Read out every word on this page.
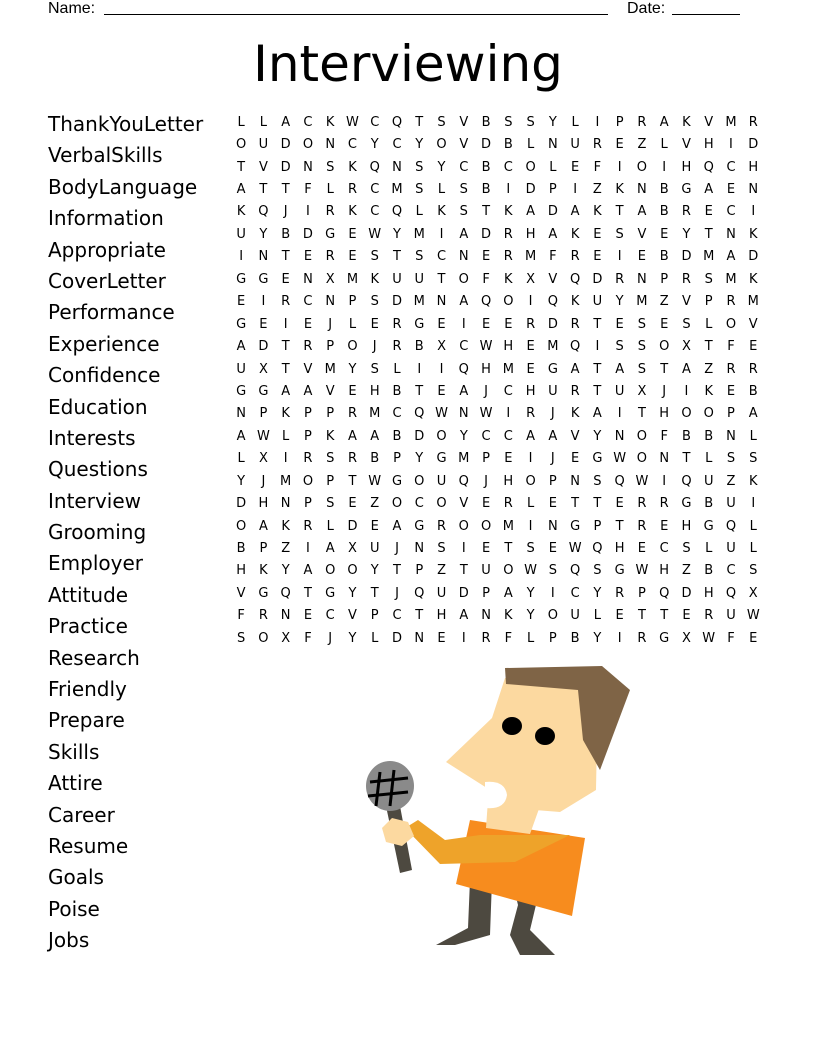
Name:	Date:
Interviewing
ThankYouLetter
VerbalSkills
BodyLanguage
Information
Appropriate
CoverLetter
Performance
Experience
Confidence
Education
Interests
Questions
Interview
Grooming
Employer
Attitude
Practice
Research
Friendly
Prepare
Skills
Attire
Career
Resume
Goals
Poise
Jobs
L	L	A	C	K W C Q	T	S	V	B	S	S	Y	L	I	P	R	A	K	V M R
O U D O N C	Y	C	Y	O V D B	L	N U R	E	Z	L	V H	I	D
T	V D N	S	K Q N	S	Y	C	B	C O	L	E	F	I	O	I	H Q C H
A	T	T	F	L	R	C M S	L	S	B	I	D	P	I	Z	K	N B G A	E	N
K Q	J	I	R	K	C Q	L	K	S	T	K	A D A	K	T	A	B	R	E	C	I
U	Y	B D G	E W Y M	I	A D R H A	K	E	S	V	E	Y	T	N	K
I	N	T	E	R	E	S	T	S	C N	E	R M F	R	E	I	E	B D M A D
G G	E	N X M K	U U	T	O	F	K	X	V Q D R N	P	R	S M K
E	I	R	C N	P	S	D M N A Q O	I	Q K	U	Y M Z	V	P	R M
G	E	I	E	J	L	E	R G	E	I	E	E	R D R	T	E	S	E	S	L	O V
A D	T	R	P	O	J	R	B	X	C W H	E M Q	I	S	S	O X	T	F	E
U	X	T	V M Y	S	L	I	I	Q H M E	G A	T	A	S	T	A	Z	R	R
G G A	A	V	E	H B	T	E	A	J	C H U R	T	U	X	J	I	K	E	B
N	P	K	P	P	R M C Q W N W	I	R	J	K	A	I	T	H O O	P	A
A W L	P	K	A	A	B D O	Y	C	C	A	A	V	Y	N O	F	B	B N	L
L	X	I	R	S	R	B	P	Y	G M P	E	I	J	E	G W O N	T	L	S	S
Y	J	M O	P	T W G O U Q	J	H O	P	N	S	Q W	I	Q U	Z	K
D H N	P	S	E	Z O C O V	E	R	L	E	T	T	E	R	R G B	U	I
O A	K	R	L	D	E	A G R O O M	I	N G	P	T	R	E	H G Q	L
B	P	Z	I	A	X	U	J	N	S	I	E	T	S	E W Q H	E	C	S	L	U	L
H	K	Y	A O O	Y	T	P	Z	T	U O W S	Q	S	G W H Z	B	C	S
V G Q	T	G	Y	T	J	Q U D	P	A	Y	I	C	Y	R	P	Q D H Q X
F	R N	E	C	V	P	C	T	H A N	K	Y	O U	L	E	T	T	E	R U W
S	O X	F	J	Y	L	D N	E	I	R	F	L	P	B	Y	I	R G X W F	E
